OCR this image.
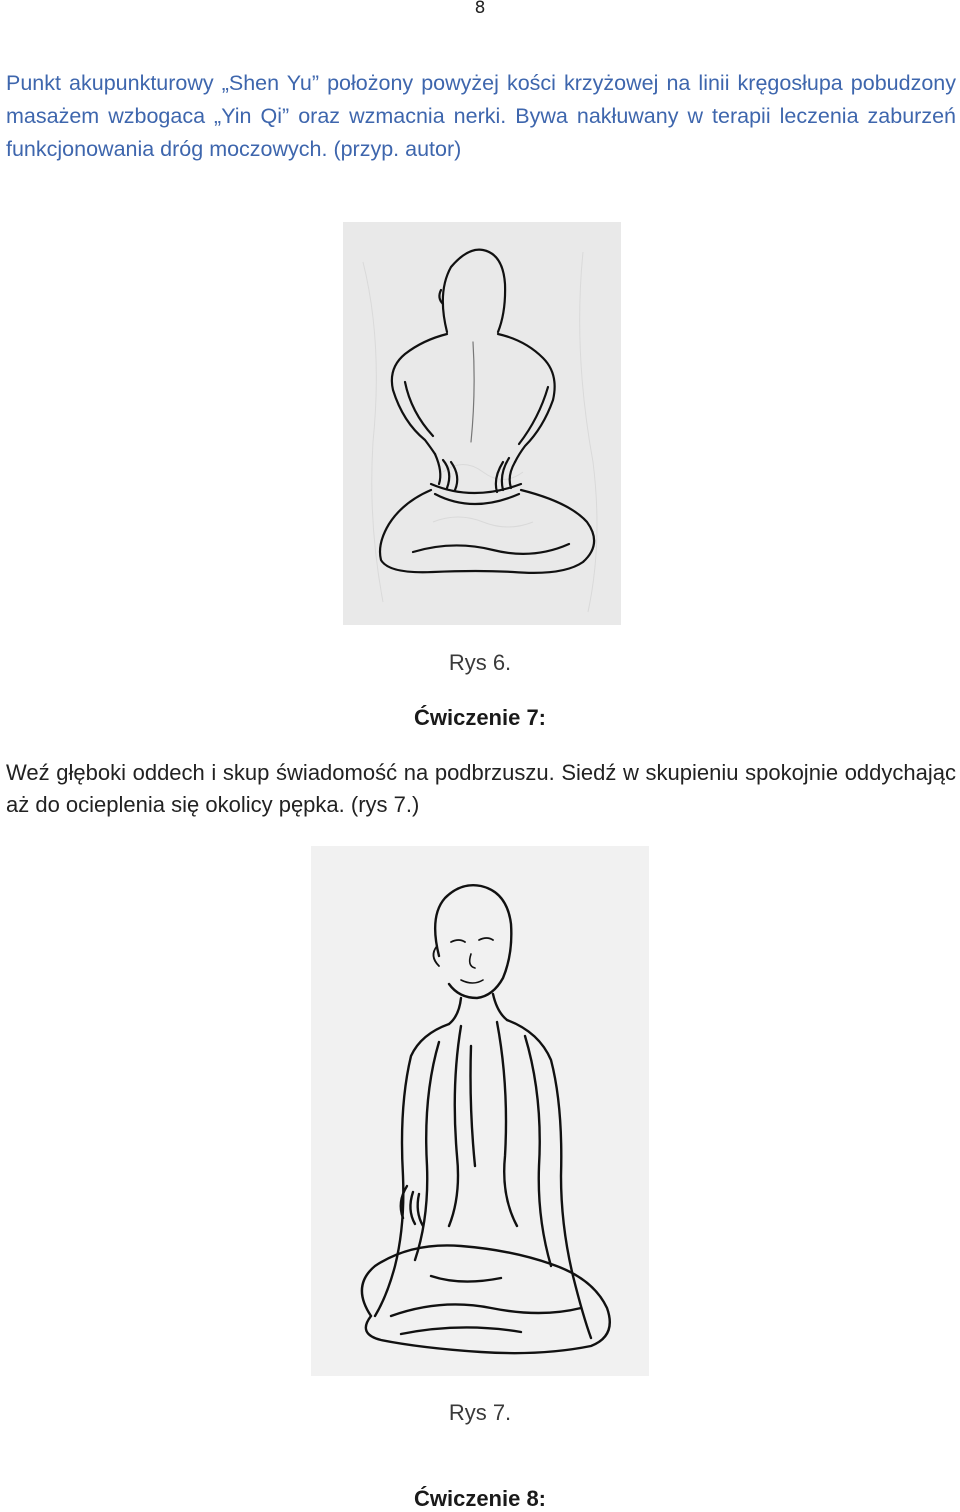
8

Punkt akupunkturowy „Shen Yu” położony powyżej kości krzyżowej na linii kręgosłupa pobudzony masażem wzbogaca „Yin Qi” oraz wzmacnia nerki. Bywa nakłuwany w terapii leczenia zaburzeń funkcjonowania dróg moczowych. (przyp. autor)

Rys 6.
Ćwiczenie 7:

Weź głęboki oddech i skup świadomość na podbrzuszu. Siedź w skupieniu spokojnie oddychając aż do ocieplenia się okolicy pępka. (rys 7.)

Rys 7.
Ćwiczenie 8:
